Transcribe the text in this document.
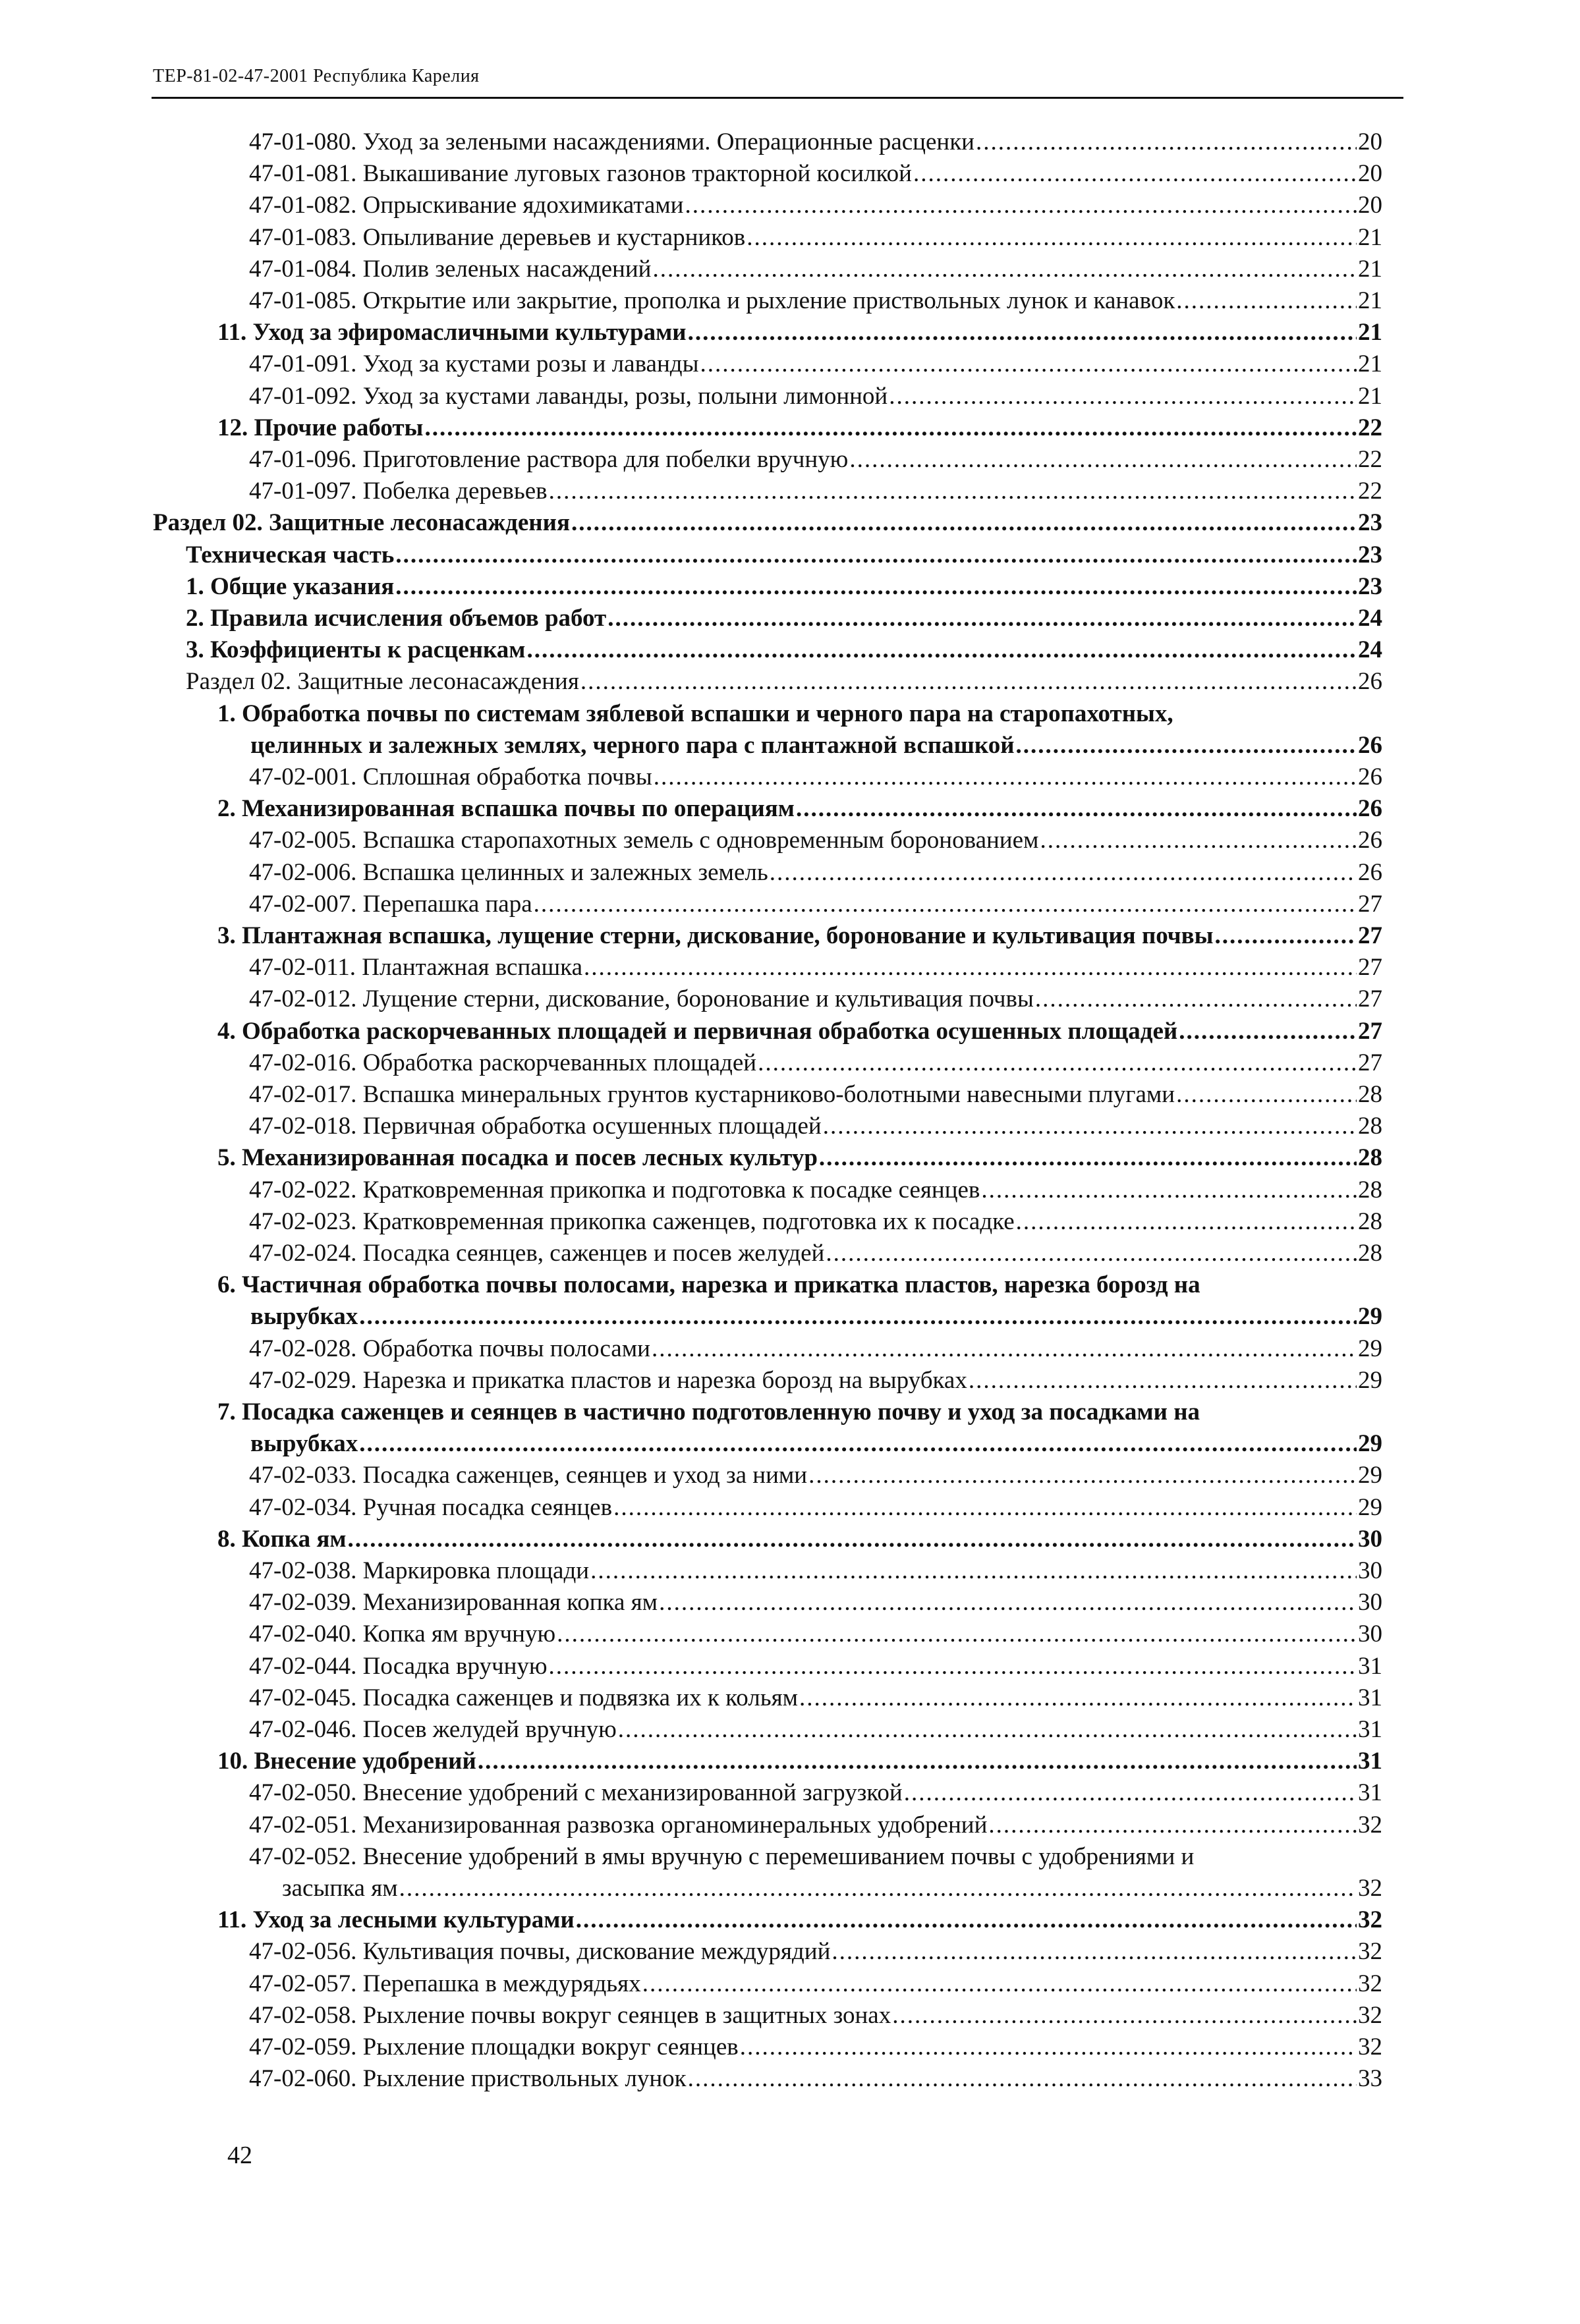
ТЕР-81-02-47-2001 Республика Карелия
47-01-080. Уход за зелеными насаждениями. Операционные расценки .....	20
47-01-081. Выкашивание луговых газонов тракторной косилкой .....	20
47-01-082. Опрыскивание ядохимикатами .....	20
47-01-083. Опыливание деревьев и кустарников .....	21
47-01-084. Полив зеленых насаждений .....	21
47-01-085. Открытие или закрытие, прополка и рыхление приствольных лунок и канавок .....	21
11. Уход за эфиромасличными культурами .....	21
47-01-091. Уход за кустами розы и лаванды .....	21
47-01-092. Уход за кустами лаванды, розы, полыни лимонной .....	21
12. Прочие работы .....	22
47-01-096. Приготовление раствора для побелки вручную .....	22
47-01-097. Побелка деревьев .....	22
Раздел 02. Защитные лесонасаждения .....	23
Техническая часть .....	23
1. Общие указания .....	23
2. Правила исчисления объемов работ .....	24
3. Коэффициенты к расценкам .....	24
Раздел 02. Защитные лесонасаждения .....	26
1. Обработка почвы по системам зяблевой вспашки и черного пара на старопахотных,
целинных и залежных землях, черного пара с плантажной вспашкой .....	26
47-02-001. Сплошная обработка почвы .....	26
2. Механизированная вспашка почвы по операциям .....	26
47-02-005. Вспашка старопахотных земель с одновременным боронованием .....	26
47-02-006. Вспашка целинных и залежных земель .....	26
47-02-007. Перепашка пара .....	27
3. Плантажная вспашка, лущение стерни, дискование, боронование и культивация почвы .....	27
47-02-011. Плантажная вспашка .....	27
47-02-012. Лущение стерни, дискование, боронование и культивация почвы .....	27
4. Обработка раскорчеванных площадей и первичная обработка осушенных площадей .....	27
47-02-016. Обработка раскорчеванных площадей .....	27
47-02-017. Вспашка минеральных грунтов кустарниково-болотными навесными плугами .....	28
47-02-018. Первичная обработка осушенных площадей .....	28
5. Механизированная посадка и посев лесных культур .....	28
47-02-022. Кратковременная прикопка и подготовка к посадке сеянцев .....	28
47-02-023. Кратковременная прикопка саженцев, подготовка их к посадке .....	28
47-02-024. Посадка сеянцев, саженцев и посев желудей .....	28
6. Частичная обработка почвы полосами, нарезка и прикатка пластов, нарезка борозд на
вырубках .....	29
47-02-028. Обработка почвы полосами .....	29
47-02-029. Нарезка и прикатка пластов и нарезка борозд на вырубках .....	29
7. Посадка саженцев и сеянцев в частично подготовленную почву и уход за посадками на
вырубках .....	29
47-02-033. Посадка саженцев, сеянцев и уход за ними .....	29
47-02-034. Ручная посадка сеянцев .....	29
8. Копка ям .....	30
47-02-038. Маркировка площади .....	30
47-02-039. Механизированная копка ям .....	30
47-02-040. Копка ям вручную .....	30
47-02-044. Посадка вручную .....	31
47-02-045. Посадка саженцев и подвязка их к кольям .....	31
47-02-046. Посев желудей вручную .....	31
10. Внесение удобрений .....	31
47-02-050. Внесение удобрений с механизированной загрузкой .....	31
47-02-051. Механизированная развозка органоминеральных удобрений .....	32
47-02-052. Внесение удобрений в ямы вручную с перемешиванием почвы с удобрениями и
засыпка ям .....	32
11. Уход за лесными культурами .....	32
47-02-056. Культивация почвы, дискование междурядий .....	32
47-02-057. Перепашка в междурядьях .....	32
47-02-058. Рыхление почвы вокруг сеянцев в защитных зонах .....	32
47-02-059. Рыхление площадки вокруг сеянцев .....	32
47-02-060. Рыхление приствольных лунок .....	33
42
